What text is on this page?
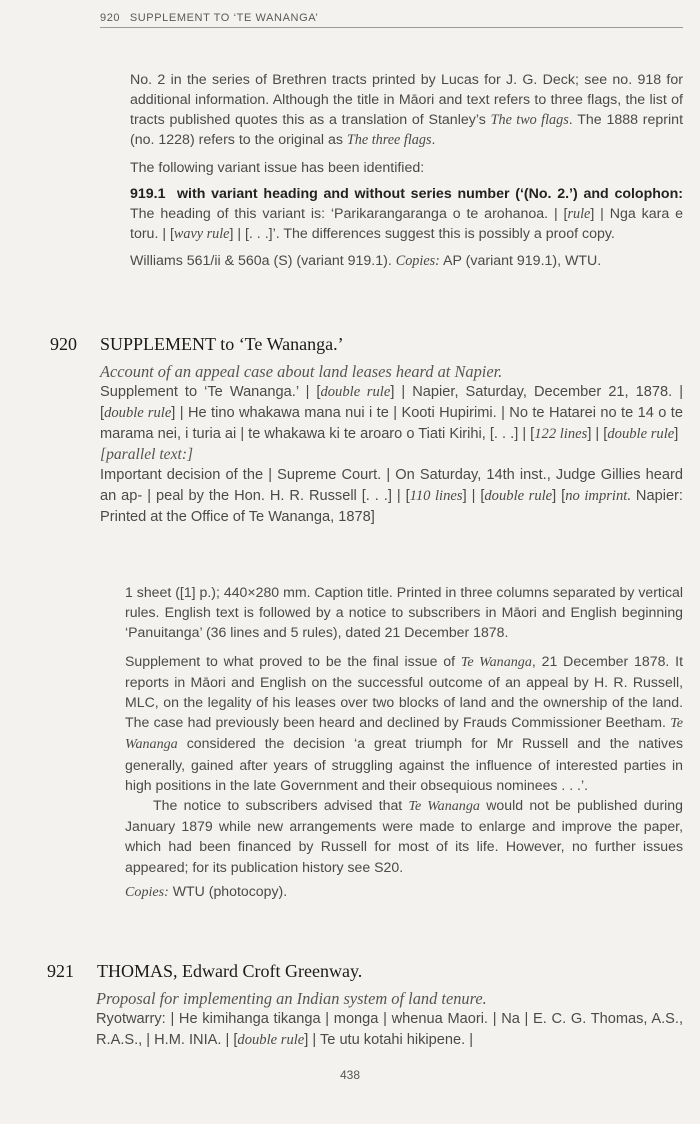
920 SUPPLEMENT TO ‘TE WANANGA’

No. 2 in the series of Brethren tracts printed by Lucas for J. G. Deck; see no. 918 for additional information. Although the title in Māori and text refers to three flags, the list of tracts published quotes this as a translation of Stanley’s The two flags. The 1888 reprint (no. 1228) refers to the original as The three flags.

The following variant issue has been identified:

919.1 with variant heading and without series number (‘(No. 2.’) and colophon: The heading of this variant is: ‘Parikarangaranga o te arohanoa. | [rule] | Nga kara e toru. | [wavy rule] | [. . .]’. The differences suggest this is possibly a proof copy.

Williams 561/ii & 560a (S) (variant 919.1). Copies: AP (variant 919.1), WTU.

920 SUPPLEMENT to ‘Te Wananga.’

Account of an appeal case about land leases heard at Napier.

Supplement to ‘Te Wananga.’ | [double rule] | Napier, Saturday, December 21, 1878. | [double rule] | He tino whakawa mana nui i te | Kooti Hupirimi. | No te Hatarei no te 14 o te marama nei, i turia ai | te whakawa ki te aroaro o Tiati Kirihi, [. . .] | [122 lines] | [double rule]

[parallel text:]

Important decision of the | Supreme Court. | On Saturday, 14th inst., Judge Gillies heard an ap- | peal by the Hon. H. R. Russell [. . .] | [110 lines] | [double rule] [no imprint. Napier: Printed at the Office of Te Wananga, 1878]

1 sheet ([1] p.); 440×280 mm. Caption title. Printed in three columns separated by vertical rules. English text is followed by a notice to subscribers in Māori and English beginning ‘Panuitanga’ (36 lines and 5 rules), dated 21 December 1878.

Supplement to what proved to be the final issue of Te Wananga, 21 December 1878. It reports in Māori and English on the successful outcome of an appeal by H. R. Russell, MLC, on the legality of his leases over two blocks of land and the ownership of the land. The case had previously been heard and declined by Frauds Commissioner Beetham. Te Wananga considered the decision ‘a great triumph for Mr Russell and the natives generally, gained after years of struggling against the influence of interested parties in high positions in the late Government and their obsequious nominees . . .’.

The notice to subscribers advised that Te Wananga would not be published during January 1879 while new arrangements were made to enlarge and improve the paper, which had been financed by Russell for most of its life. However, no further issues appeared; for its publication history see S20.

Copies: WTU (photocopy).

921 THOMAS, Edward Croft Greenway.

Proposal for implementing an Indian system of land tenure.

Ryotwarry: | He kimihanga tikanga | monga | whenua Maori. | Na | E. C. G. Thomas, A.S., R.A.S., | H.M. INIA. | [double rule] | Te utu kotahi hikipene. |

438
